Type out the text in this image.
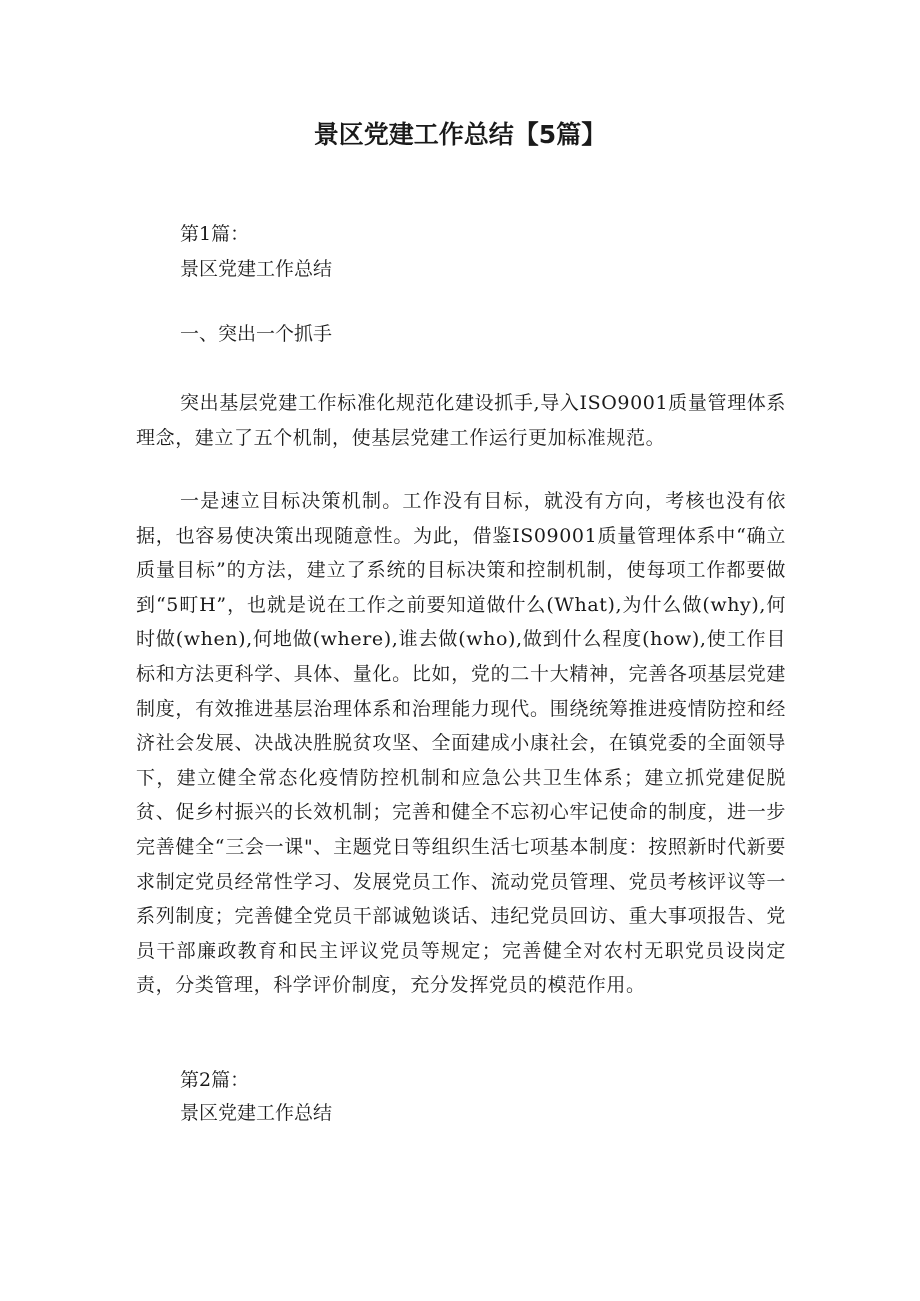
景区党建工作总结【5篇】

第1篇：

景区党建工作总结

一、突出一个抓手

突出基层党建工作标准化规范化建设抓手,导入ISO9001质量管理体系理念，建立了五个机制，使基层党建工作运行更加标准规范。

一是速立目标决策机制。工作没有目标，就没有方向，考核也没有依据，也容易使决策出现随意性。为此，借鉴IS09001质量管理体系中“确立质量目标”的方法，建立了系统的目标决策和控制机制，使每项工作都要做到“5町H”，也就是说在工作之前要知道做什么(What),为什么做(why),何时做(when),何地做(where),谁去做(who),做到什么程度(how),使工作目标和方法更科学、具体、量化。比如，党的二十大精神，完善各项基层党建制度，有效推进基层治理体系和治理能力现代。围绕统筹推进疫情防控和经济社会发展、决战决胜脱贫攻坚、全面建成小康社会，在镇党委的全面领导下，建立健全常态化疫情防控机制和应急公共卫生体系；建立抓党建促脱贫、促乡村振兴的长效机制；完善和健全不忘初心牢记使命的制度，进一步完善健全“三会一课"、主题党日等组织生活七项基本制度：按照新时代新要求制定党员经常性学习、发展党员工作、流动党员管理、党员考核评议等一系列制度；完善健全党员干部诚勉谈话、违纪党员回访、重大事项报告、党员干部廉政教育和民主评议党员等规定；完善健全对农村无职党员设岗定责，分类管理，科学评价制度，充分发挥党员的模范作用。

第2篇：

景区党建工作总结
